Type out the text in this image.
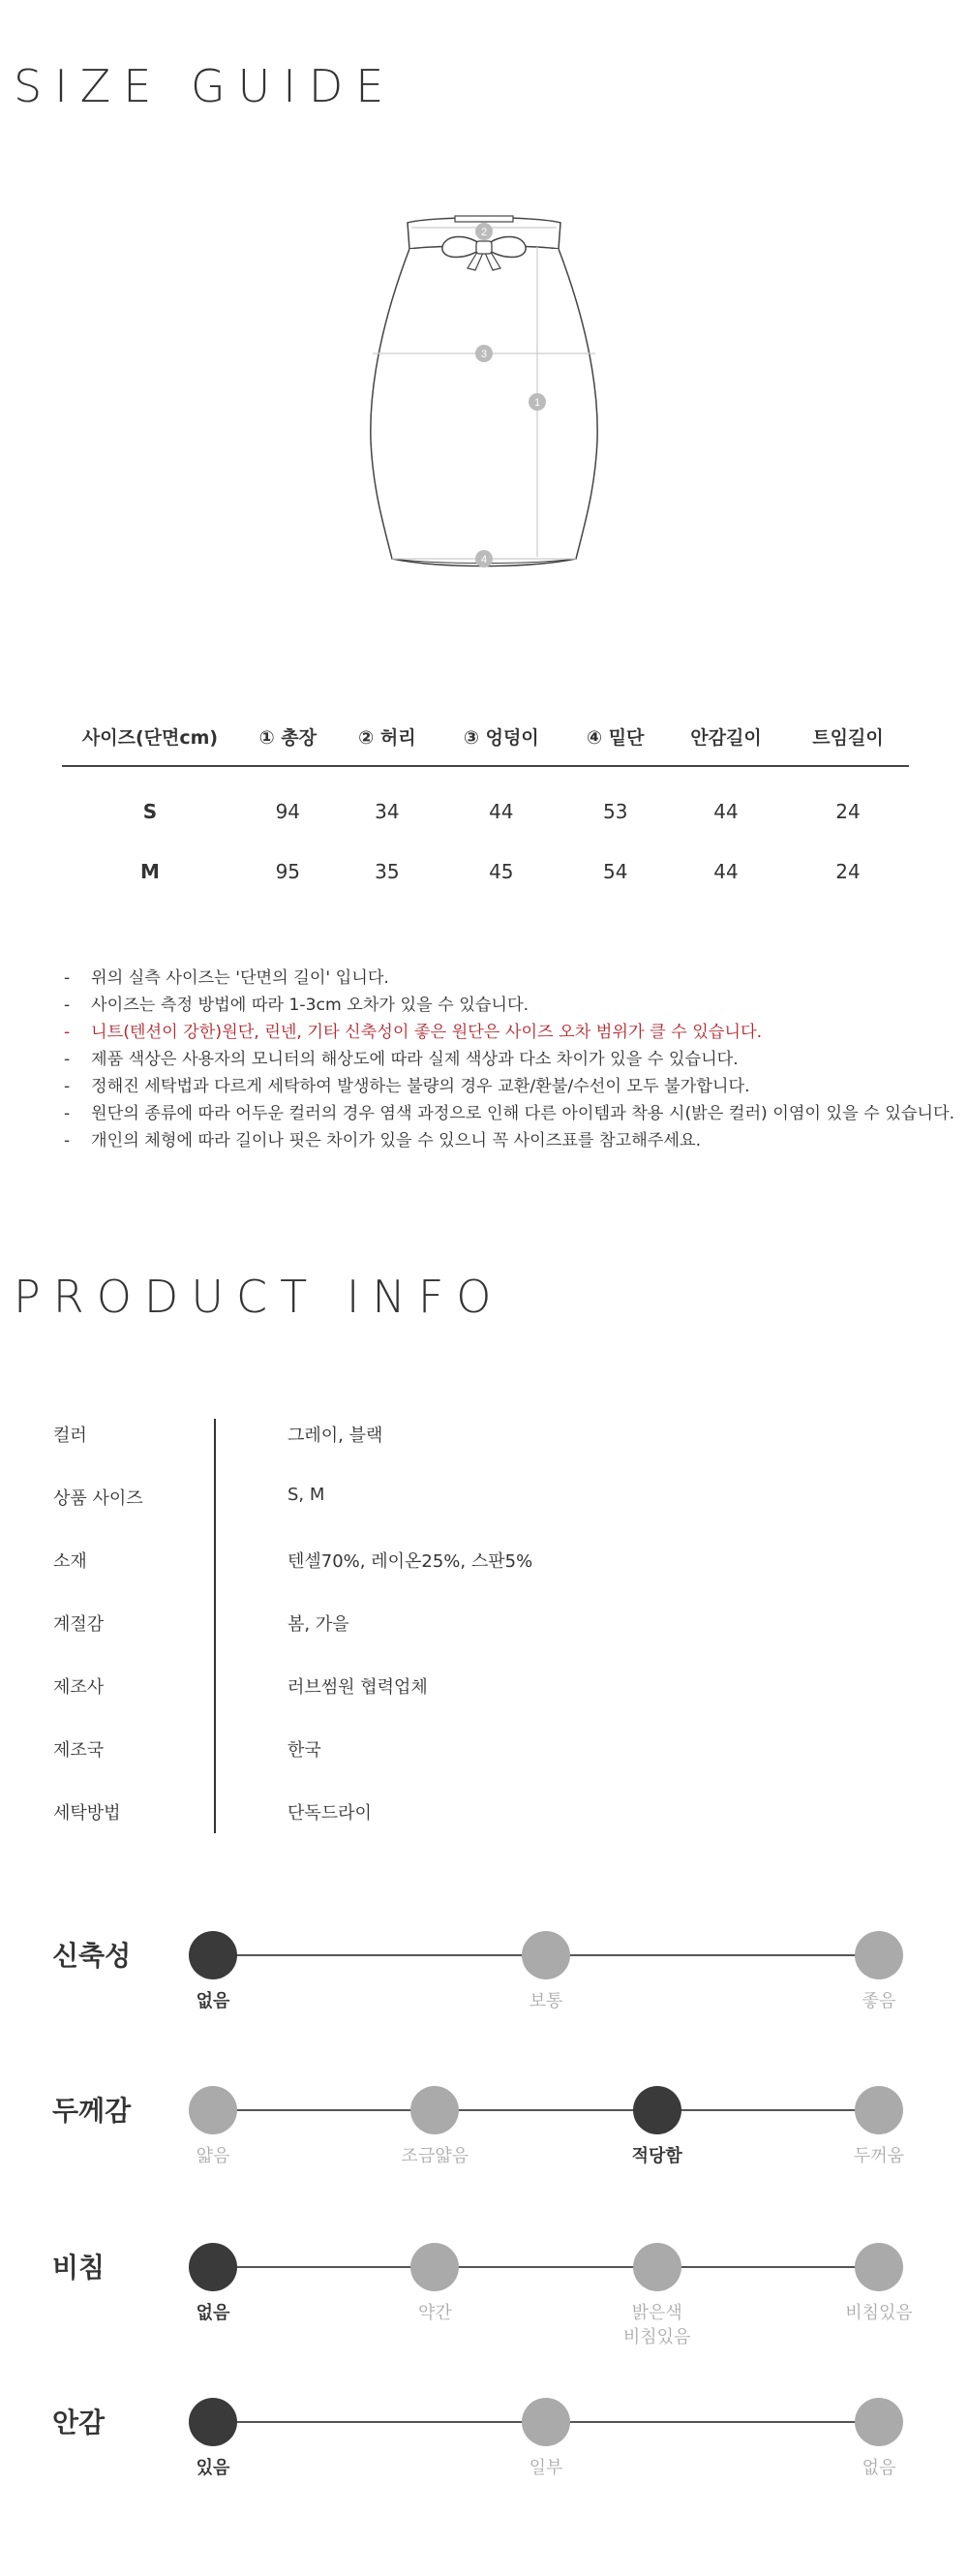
SIZE GUIDE
1
2
3
4
사이즈(단면cm)	① 총장	② 허리	③ 엉덩이	④ 밑단	안감길이	트임길이
S	94	34	44	53	44	24
M	95	35	45	54	44	24
- 위의 실측 사이즈는 '단면의 길이' 입니다.
- 사이즈는 측정 방법에 따라 1-3cm 오차가 있을 수 있습니다.
- 니트(텐션이 강한)원단, 린넨, 기타 신축성이 좋은 원단은 사이즈 오차 범위가 클 수 있습니다.
- 제품 색상은 사용자의 모니터의 해상도에 따라 실제 색상과 다소 차이가 있을 수 있습니다.
- 정해진 세탁법과 다르게 세탁하여 발생하는 불량의 경우 교환/환불/수선이 모두 불가합니다.
- 원단의 종류에 따라 어두운 컬러의 경우 염색 과정으로 인해 다른 아이템과 착용 시(밝은 컬러) 이염이 있을 수 있습니다.
- 개인의 체형에 따라 길이나 핏은 차이가 있을 수 있으니 꼭 사이즈표를 참고해주세요.
PRODUCT INFO
컬러	그레이, 블랙
상품 사이즈	S, M
소재	텐셀70%, 레이온25%, 스판5%
계절감	봄, 가을
제조사	러브썸원 협력업체
제조국	한국
세탁방법	단독드라이
신축성
없음	보통	좋음
두께감
얇음	조금얇음	적당함	두꺼움
비침
없음	약간	밝은색
비침있음
비침있음
안감
있음	일부	없음
